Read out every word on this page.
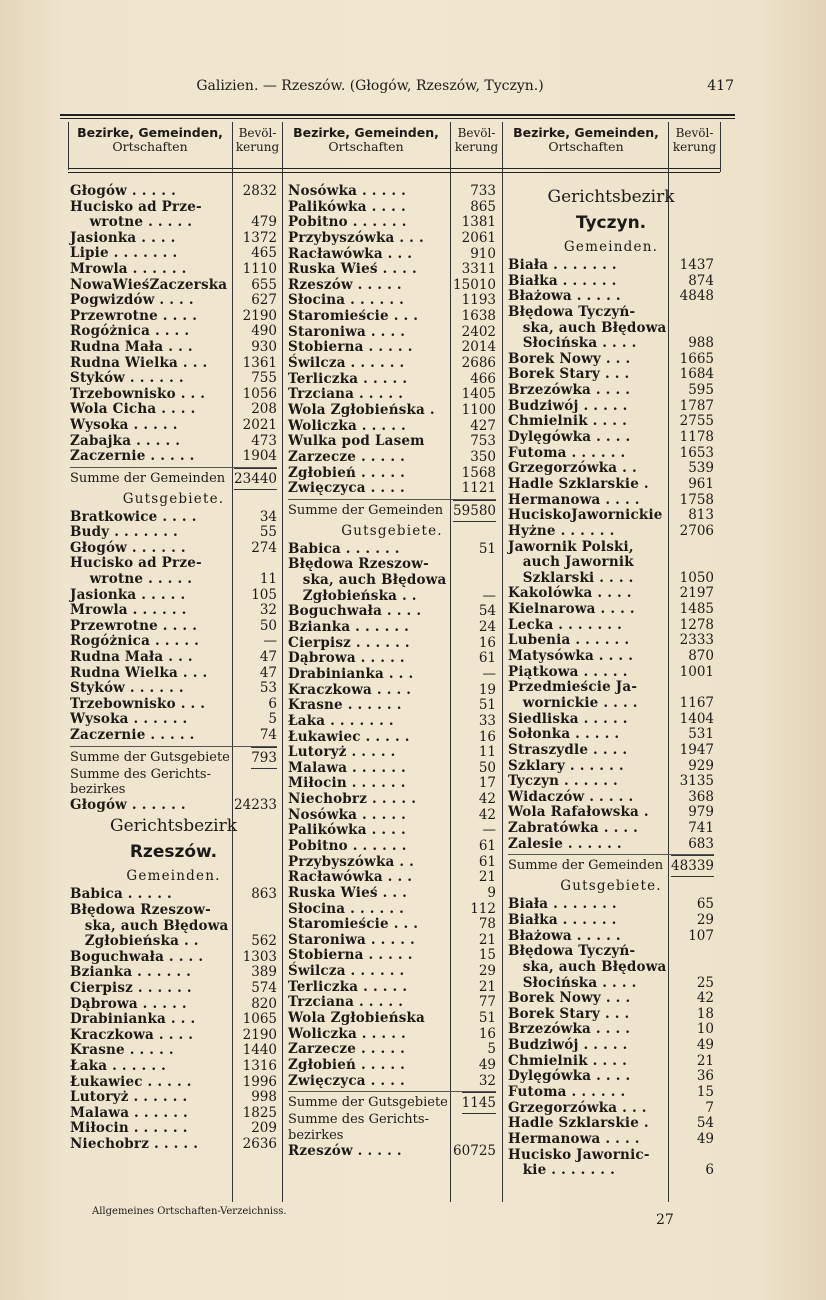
Galizien. — Rzeszów. (Głogów, Rzeszów, Tyczyn.)	417
Bezirke, Gemeinden,
Ortschaften
Bevöl-
kerung
Bezirke, Gemeinden,
Ortschaften
Bevöl-
kerung
Bezirke, Gemeinden,
Ortschaften
Bevöl-
kerung
Głogów . . . . .	2832
Hucisko ad Prze-
wrotne . . . . .	479
Jasionka . . . .	1372
Lipie . . . . . . .	465
Mrowla . . . . . .	1110
NowaWieśZaczerska 655
Pogwizdów . . . .	627
Przewrotne . . . .	2190
Rogóżnica . . . .	490
Rudna Mała . . .	930
Rudna Wielka . . .	1361
Styków . . . . . .	755
Trzebownisko . . .	1056
Wola Cicha . . . .	208
Wysoka . . . . .	2021
Zabajka . . . . .	473
Zaczernie . . . . .	1904
Summe der Gemeinden 23440
Gutsgebiete.
Bratkowice . . . .	34
Budy . . . . . . .	55
Głogów . . . . . .	274
Hucisko ad Prze-
wrotne . . . . .	11
Jasionka . . . . .	105
Mrowla . . . . . .	32
Przewrotne . . . .	50
Rogóżnica . . . . .	—
Rudna Mała . . .	47
Rudna Wielka . . .	47
Styków . . . . . .	53
Trzebownisko . . .	6
Wysoka . . . . . .	5
Zaczernie . . . . .	74
Summe der Gutsgebiete 793
Summe des Gerichts-
bezirkes
Głogów . . . . . .	24233
Gerichtsbezirk
Rzeszów.
Gemeinden.
Babica . . . . .	863
Błędowa Rzeszow-
ska, auch Błędowa
Zgłobieńska . .	562
Boguchwała . . . .	1303
Bzianka . . . . . .	389
Cierpisz . . . . . .	574
Dąbrowa . . . . .	820
Drabinianka . . .	1065
Kraczkowa . . . .	2190
Krasne . . . . .	1440
Łaka . . . . . .	1316
Łukawiec . . . . .	1996
Lutoryż . . . . . .	998
Malawa . . . . . .	1825
Miłocin . . . . . .	209
Niechobrz . . . . .	2636
Nosówka . . . . .	733
Palikówka . . . .	865
Pobitno . . . . . .	1381
Przybyszówka . . .	2061
Racławówka . . .	910
Ruska Wieś . . . .	3311
Rzeszów . . . . .	15010
Słocina . . . . . .	1193
Staromieście . . .	1638
Staroniwa . . . .	2402
Stobierna . . . . .	2014
Świlcza . . . . . .	2686
Terliczka . . . . .	466
Trzciana . . . . .	1405
Wola Zgłobieńska . 1100
Woliczka . . . . .	427
Wulka pod Lasem	753
Zarzecze . . . . .	350
Zgłobień . . . . .	1568
Zwięczyca . . . .	1121
Summe der Gemeinden 59580
Gutsgebiete.
Babica . . . . . .	51
Błędowa Rzeszow-
ska, auch Błędowa
Zgłobieńska . .	—
Boguchwała . . . .	54
Bzianka . . . . . .	24
Cierpisz . . . . . .	16
Dąbrowa . . . . .	61
Drabinianka . . .	—
Kraczkowa . . . .	19
Krasne . . . . . .	51
Łaka . . . . . . .	33
Łukawiec . . . . .	16
Lutoryż . . . . .	11
Malawa . . . . . .	50
Miłocin . . . . . .	17
Niechobrz . . . . .	42
Nosówka . . . . .	42
Palikówka . . . .	—
Pobitno . . . . . .	61
Przybyszówka . .	61
Racławówka . . .	21
Ruska Wieś . . .	9
Słocina . . . . . .	112
Staromieście . . .	78
Staroniwa . . . . .	21
Stobierna . . . . .	15
Świlcza . . . . . .	29
Terliczka . . . . .	21
Trzciana . . . . .	77
Wola Zgłobieńska	51
Woliczka . . . . .	16
Zarzecze . . . . .	5
Zgłobień . . . . .	49
Zwięczyca . . . .	32
Summe der Gutsgebiete 1145
Summe des Gerichts-
bezirkes
Rzeszów . . . . .	60725
Gerichtsbezirk
Tyczyn.
Gemeinden.
Biała . . . . . . .	1437
Białka . . . . . .	874
Błażowa . . . . .	4848
Błędowa Tyczyń-
ska, auch Błędowa
Słocińska . . . .	988
Borek Nowy . . .	1665
Borek Stary . . .	1684
Brzezówka . . . .	595
Budziwój . . . . .	1787
Chmielnik . . . .	2755
Dylęgówka . . . .	1178
Futoma . . . . . .	1653
Grzegorzówka . .	539
Hadle Szklarskie .	961
Hermanowa . . . .	1758
HuciskoJawornickie 813
Hyżne . . . . . .	2706
Jawornik Polski,
auch Jawornik
Szklarski . . . .	1050
Kakolówka . . . .	2197
Kielnarowa . . . .	1485
Lecka . . . . . . .	1278
Lubenia . . . . . .	2333
Matysówka . . . .	870
Piątkowa . . . . .	1001
Przedmieście Ja-
wornickie . . . .	1167
Siedliska . . . . .	1404
Sołonka . . . . .	531
Straszydle . . . .	1947
Szklary . . . . . .	929
Tyczyn . . . . . .	3135
Widaczów . . . . .	368
Wola Rafałowska .	979
Zabratówka . . . .	741
Zalesie . . . . . .	683
Summe der Gemeinden 48339
Gutsgebiete.
Biała . . . . . . .	65
Białka . . . . . .	29
Błażowa . . . . .	107
Błędowa Tyczyń-
ska, auch Błędowa
Słocińska . . . .	25
Borek Nowy . . .	42
Borek Stary . . .	18
Brzezówka . . . .	10
Budziwój . . . . .	49
Chmielnik . . . .	21
Dylęgówka . . . .	36
Futoma . . . . . .	15
Grzegorzówka . . .	7
Hadle Szklarskie .	54
Hermanowa . . . .	49
Hucisko Jawornic-
kie . . . . . . .	6
Allgemeines Ortschaften-Verzeichniss.
27
